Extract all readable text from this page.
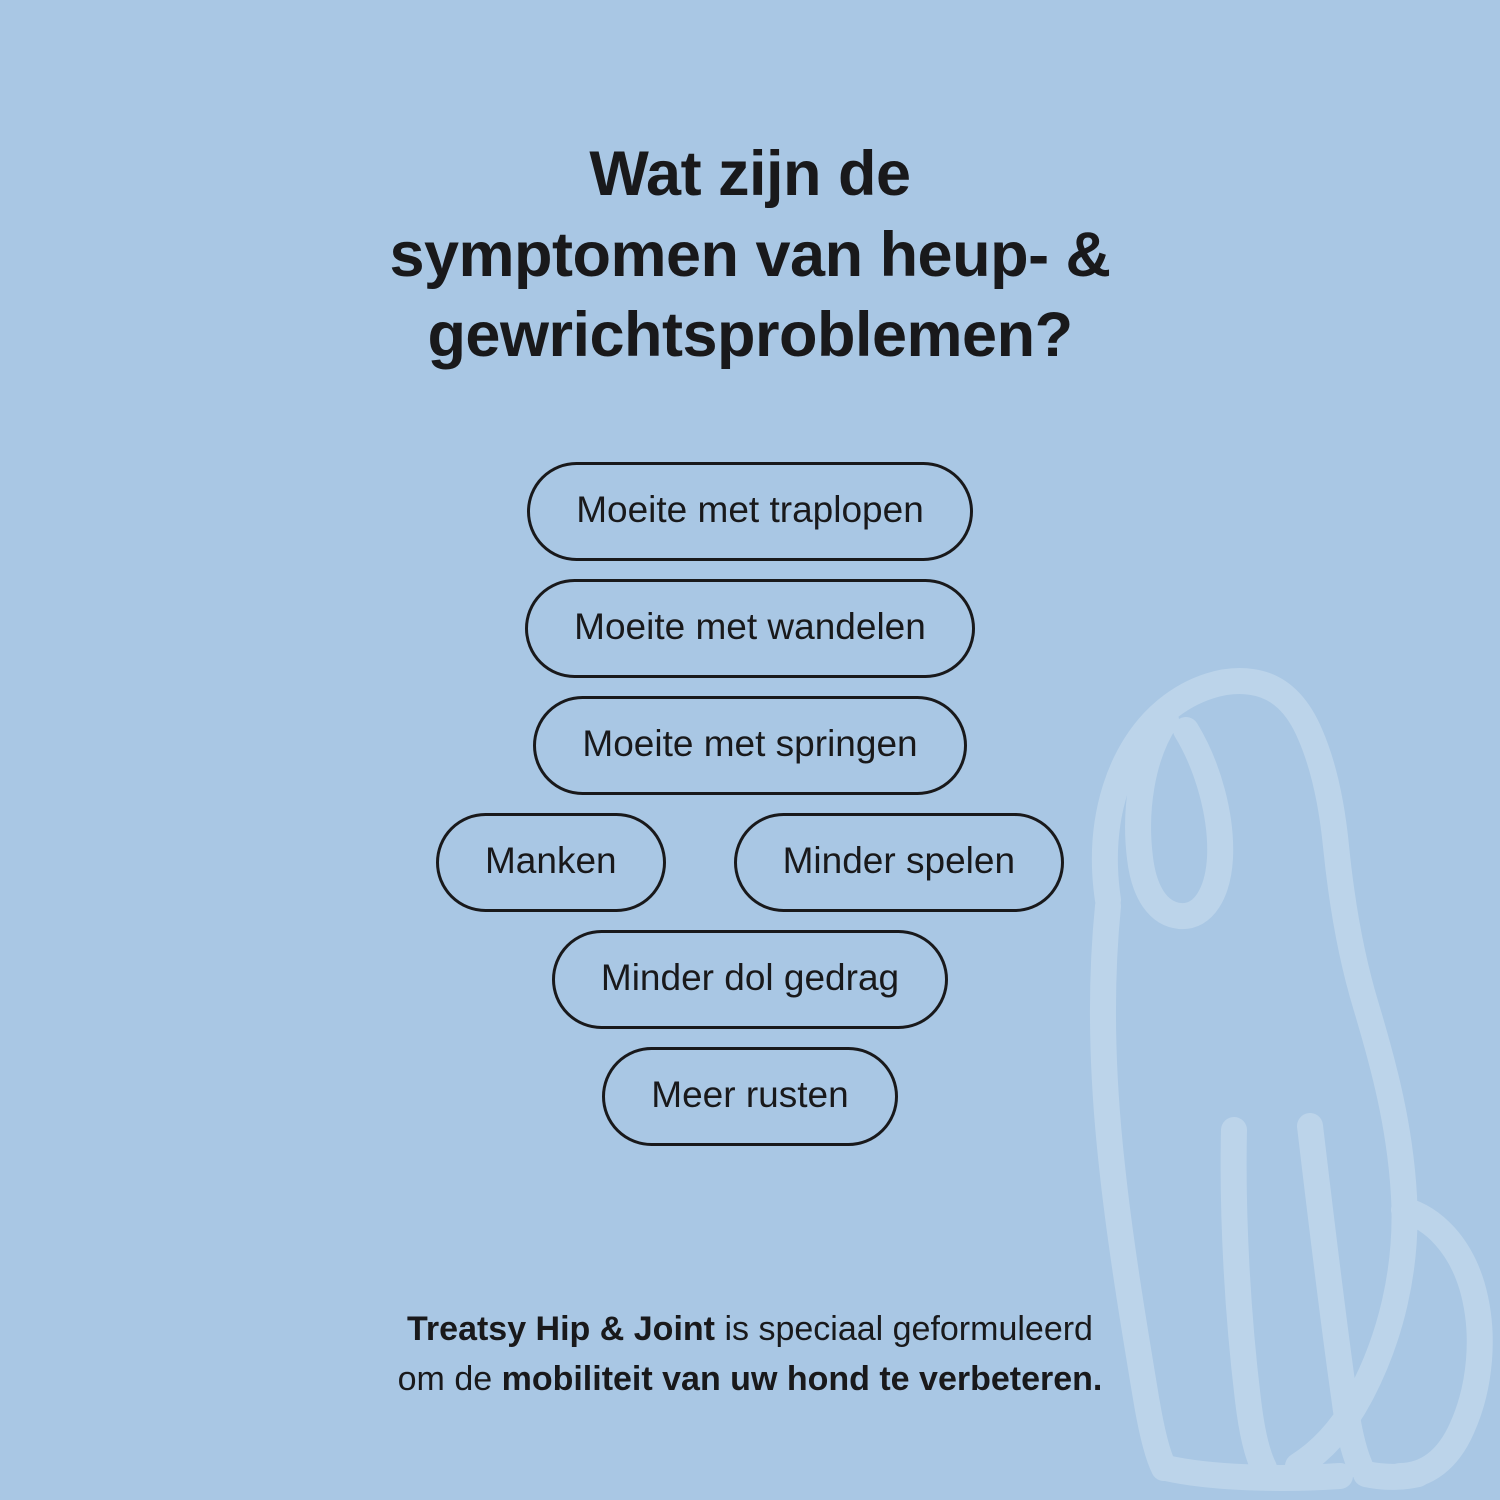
Wat zijn de
symptomen van heup- &
gewrichtsproblemen?
Moeite met traplopen
Moeite met wandelen
Moeite met springen
Manken	Minder spelen
Minder dol gedrag
Meer rusten
Treatsy Hip & Joint is speciaal geformuleerd
om de mobiliteit van uw hond te verbeteren.
